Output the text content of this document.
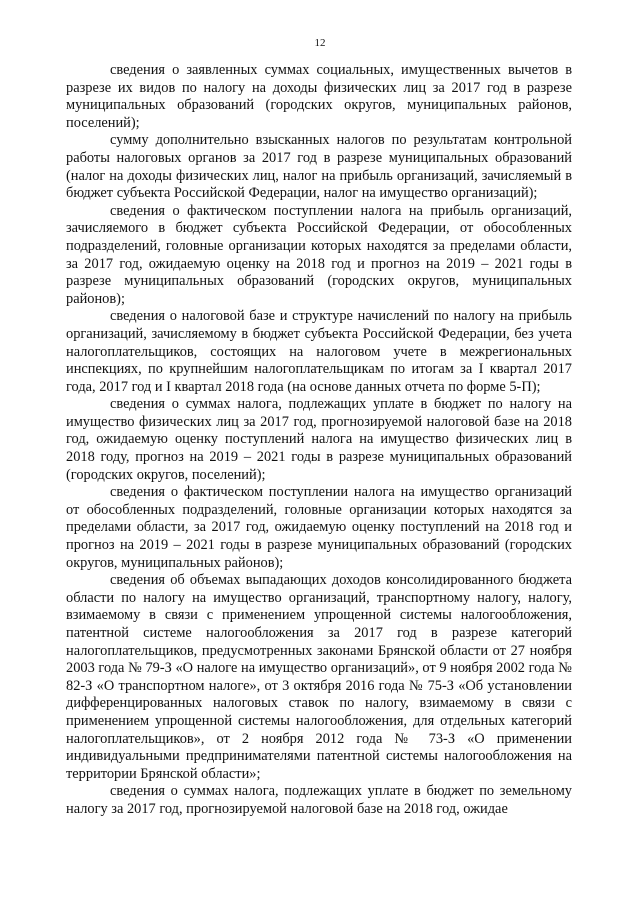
12

сведения о заявленных суммах социальных, имущественных вычетов в разрезе их видов по налогу на доходы физических лиц за 2017 год в разрезе муниципальных образований (городских округов, муниципальных районов, поселений);

сумму дополнительно взысканных налогов по результатам контрольной работы налоговых органов за 2017 год в разрезе муниципальных образований (налог на доходы физических лиц, налог на прибыль организаций, зачисляемый в бюджет субъекта Российской Федерации, налог на имущество организаций);

сведения о фактическом поступлении налога на прибыль организаций, зачисляемого в бюджет субъекта Российской Федерации, от обособленных подразделений, головные организации которых находятся за пределами области, за 2017 год, ожидаемую оценку на 2018 год и прогноз на 2019 – 2021 годы в разрезе муниципальных образований (городских округов, муниципальных районов);

сведения о налоговой базе и структуре начислений по налогу на прибыль организаций, зачисляемому в бюджет субъекта Российской Федерации, без учета налогоплательщиков, состоящих на налоговом учете в межрегиональных инспекциях, по крупнейшим налогоплательщикам по итогам за I квартал 2017 года, 2017 год и I квартал 2018 года (на основе данных отчета по форме 5-П);

сведения о суммах налога, подлежащих уплате в бюджет по налогу на имущество физических лиц за 2017 год, прогнозируемой налоговой базе на 2018 год, ожидаемую оценку поступлений налога на имущество физических лиц в 2018 году, прогноз на 2019 – 2021 годы в разрезе муниципальных образований (городских округов, поселений);

сведения о фактическом поступлении налога на имущество организаций от обособленных подразделений, головные организации которых находятся за пределами области, за 2017 год, ожидаемую оценку поступлений на 2018 год и прогноз на 2019 – 2021 годы в разрезе муниципальных образований (городских округов, муниципальных районов);

сведения об объемах выпадающих доходов консолидированного бюджета области по налогу на имущество организаций, транспортному налогу, налогу, взимаемому в связи с применением упрощенной системы налогообложения, патентной системе налогообложения за 2017 год в разрезе категорий налогоплательщиков, предусмотренных законами Брянской области от 27 ноября 2003 года № 79-З «О налоге на имущество организаций», от 9 ноября 2002 года № 82-З «О транспортном налоге», от 3 октября 2016 года № 75-З «Об установлении дифференцированных налоговых ставок по налогу, взимаемому в связи с применением упрощенной системы налогообложения, для отдельных категорий налогоплательщиков», от 2 ноября 2012 года № 73-З «О применении индивидуальными предпринимателями патентной системы налогообложения на территории Брянской области»;

сведения о суммах налога, подлежащих уплате в бюджет по земельному налогу за 2017 год, прогнозируемой налоговой базе на 2018 год, ожидае
